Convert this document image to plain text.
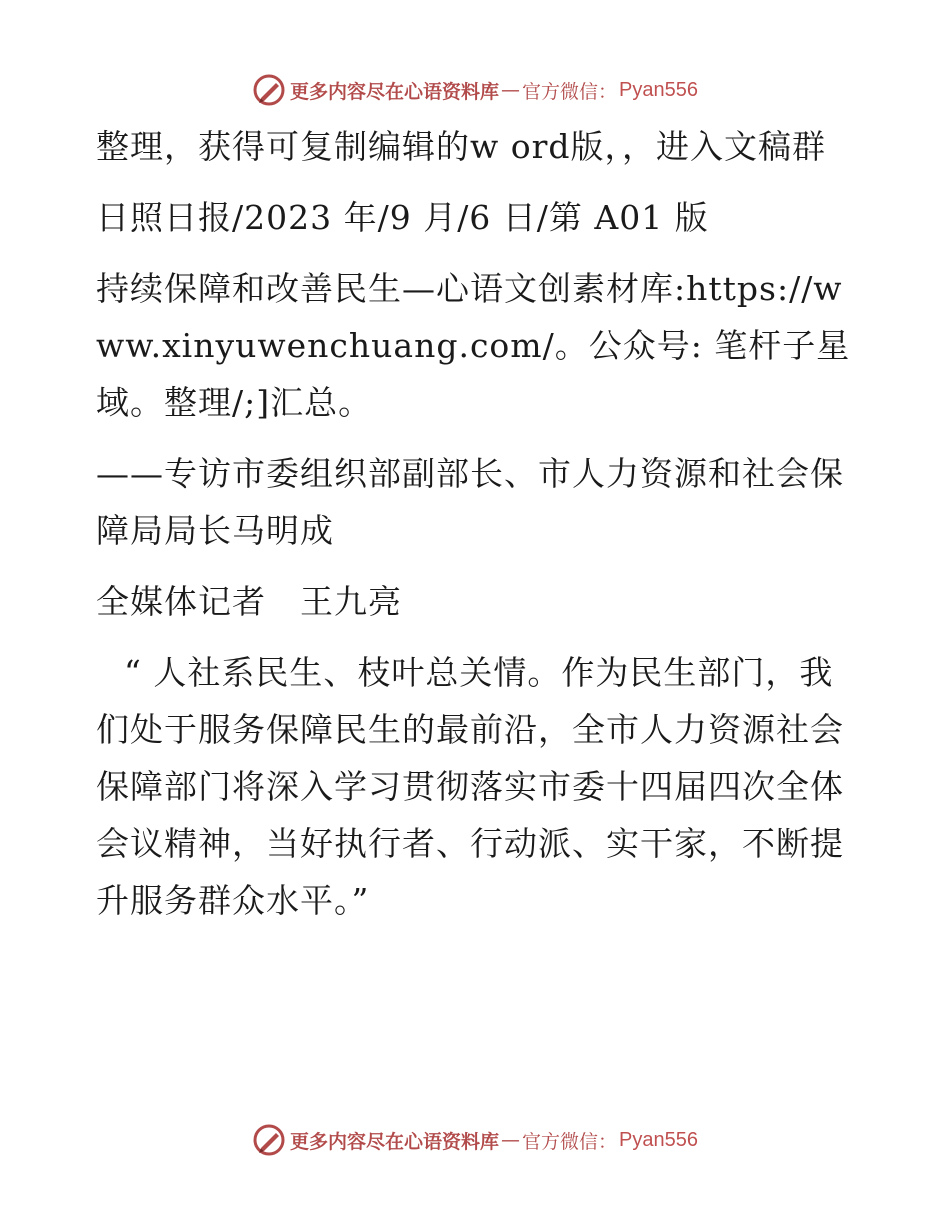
更多内容尽在心语资料库 — 官方微信： Pyan556

整理，获得可复制编辑的w ord版，，进入文稿群

日照日报/2023 年/9 月/6 日/第 A01 版

持续保障和改善民生—心语文创素材库:https://www.xinyuwenchuang.com/。公众号: 笔杆子星域。整理/;]汇总。

——专访市委组织部副部长、市人力资源和社会保障局局长马明成

全媒体记者　王九亮

“ 人社系民生、枝叶总关情。作为民生部门，我们处于服务保障民生的最前沿，全市人力资源社会保障部门将深入学习贯彻落实市委十四届四次全体会议精神，当好执行者、行动派、实干家，不断提升服务群众水平。”

更多内容尽在心语资料库 — 官方微信： Pyan556
